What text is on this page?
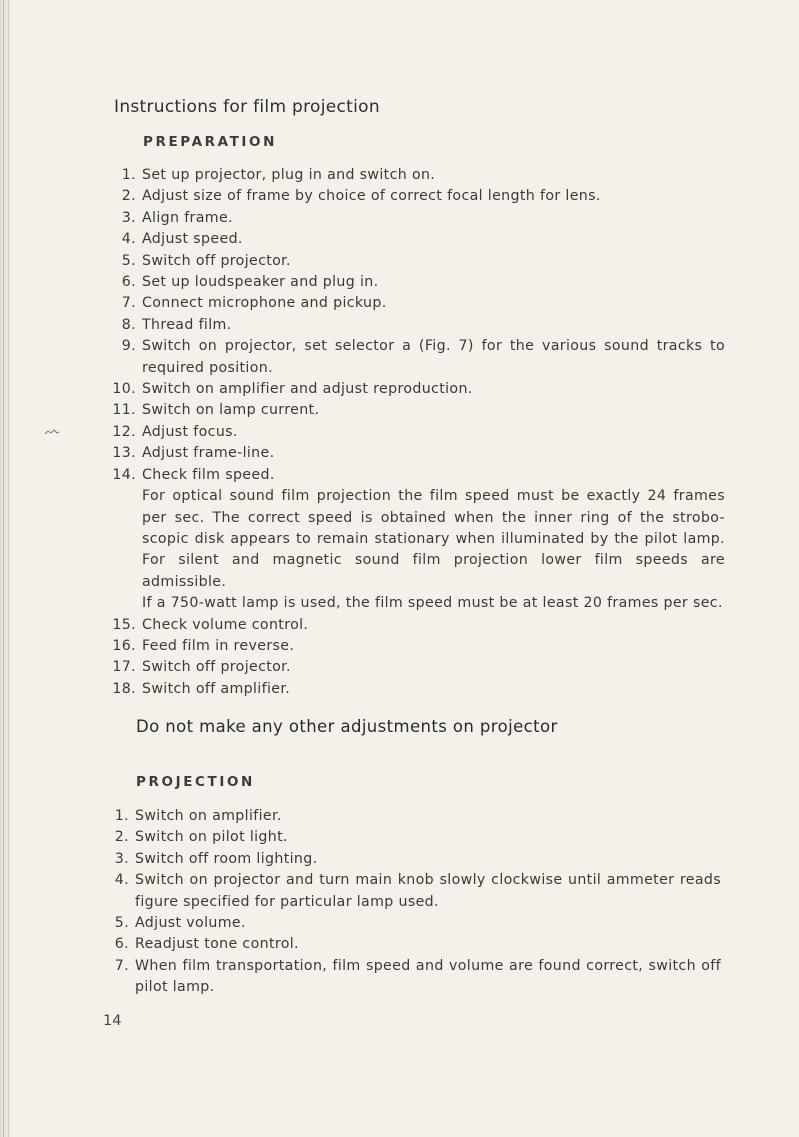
Instructions for film projection
PREPARATION
1. Set up projector, plug in and switch on.
2. Adjust size of frame by choice of correct focal length for lens.
3. Align frame.
4. Adjust speed.
5. Switch off projector.
6. Set up loudspeaker and plug in.
7. Connect microphone and pickup.
8. Thread film.
9. Switch on projector, set selector a (Fig. 7) for the various sound tracks to required position.
10. Switch on amplifier and adjust reproduction.
11. Switch on lamp current.
12. Adjust focus.
13. Adjust frame-line.
14. Check film speed.
For optical sound film projection the film speed must be exactly 24 frames per sec. The correct speed is obtained when the inner ring of the strobo-scopic disk appears to remain stationary when illuminated by the pilot lamp. For silent and magnetic sound film projection lower film speeds are admissible.
If a 750-watt lamp is used, the film speed must be at least 20 frames per sec.
15. Check volume control.
16. Feed film in reverse.
17. Switch off projector.
18. Switch off amplifier.

Do not make any other adjustments on projector

PROJECTION
1. Switch on amplifier.
2. Switch on pilot light.
3. Switch off room lighting.
4. Switch on projector and turn main knob slowly clockwise until ammeter reads figure specified for particular lamp used.
5. Adjust volume.
6. Readjust tone control.
7. When film transportation, film speed and volume are found correct, switch off pilot lamp.
14
